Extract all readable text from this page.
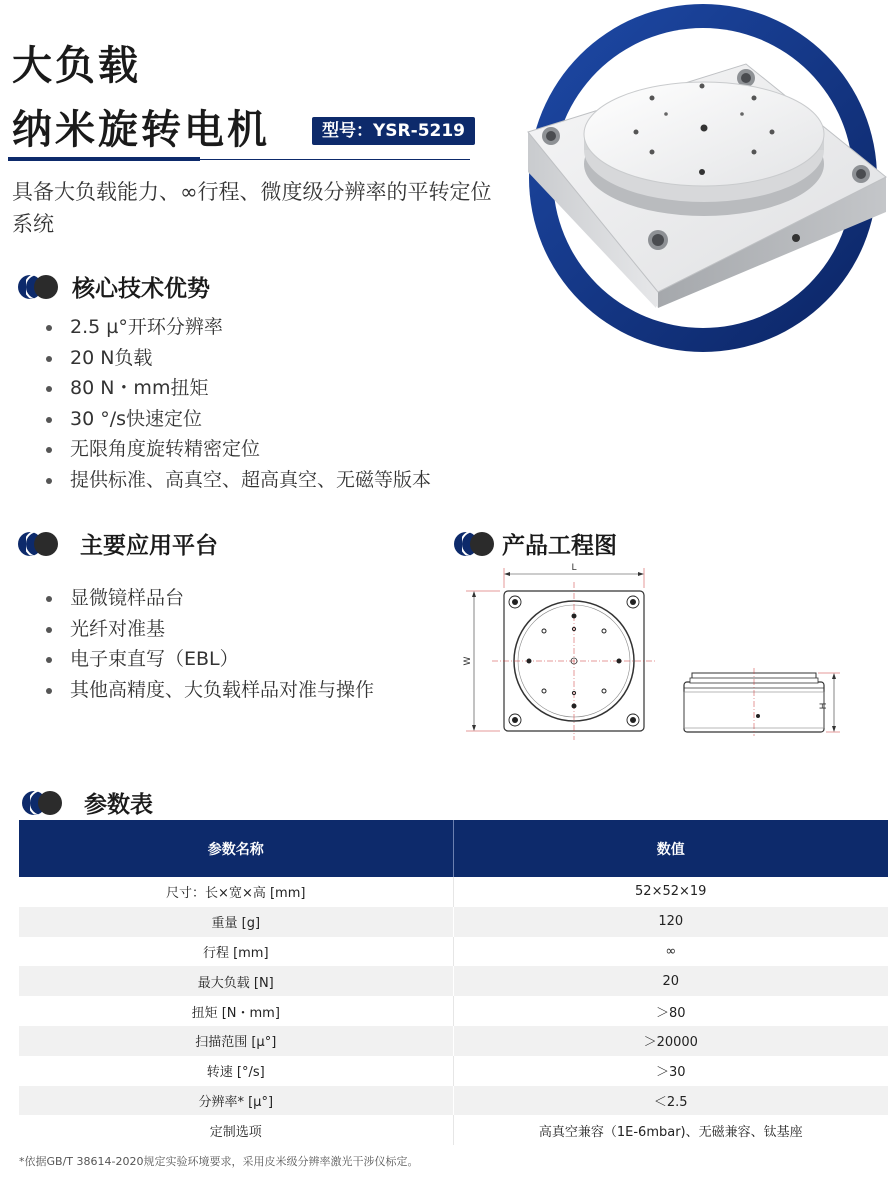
大负载
纳米旋转电机	型号：YSR-5219
具备大负载能力、∞行程、微度级分辨率的平转定位系统
核心技术优势
2.5 µ°开环分辨率
20 N负载
80 N・mm扭矩
30 °/s快速定位
无限角度旋转精密定位
提供标准、高真空、超高真空、无磁等版本
主要应用平台
显微镜样品台
光纤对准基
电子束直写（EBL）
其他高精度、大负载样品对准与操作
产品工程图
L
W
H
参数表
参数名称	数值
尺寸：长×宽×高 [mm]	52×52×19
重量 [g]	120
行程 [mm]	∞
最大负载 [N]	20
扭矩 [N・mm]	＞80
扫描范围 [µ°]	＞20000
转速 [°/s]	＞30
分辨率* [µ°]	＜2.5
定制选项	高真空兼容（1E-6mbar)、无磁兼容、钛基座
*依据GB/T 38614-2020规定实验环境要求，采用皮米级分辨率激光干涉仪标定。
